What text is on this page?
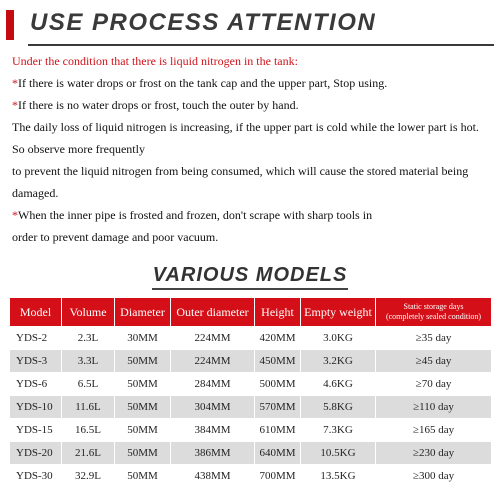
USE PROCESS ATTENTION

Under the condition that there is liquid nitrogen in the tank:

*If there is water drops or frost on the tank cap and the upper part, Stop using.

*If there is no water drops or frost, touch the outer by hand.

The daily loss of liquid nitrogen is increasing, if the upper part is cold while the lower part is hot. So observe more frequently

to prevent the liquid nitrogen from being consumed, which will cause the stored material being damaged.

*When the inner pipe is frosted and frozen, don't scrape with sharp tools in

order to prevent damage and poor vacuum.

VARIOUS MODELS
Model	Volume	Diameter	Outer diameter	Height	Empty weight	Static storage days
(completely sealed condition)
YDS-2	2.3L	30MM	224MM	420MM	3.0KG	≥35 day
YDS-3	3.3L	50MM	224MM	450MM	3.2KG	≥45 day
YDS-6	6.5L	50MM	284MM	500MM	4.6KG	≥70 day
YDS-10	11.6L	50MM	304MM	570MM	5.8KG	≥110 day
YDS-15	16.5L	50MM	384MM	610MM	7.3KG	≥165 day
YDS-20	21.6L	50MM	386MM	640MM	10.5KG	≥230 day
YDS-30	32.9L	50MM	438MM	700MM	13.5KG	≥300 day
